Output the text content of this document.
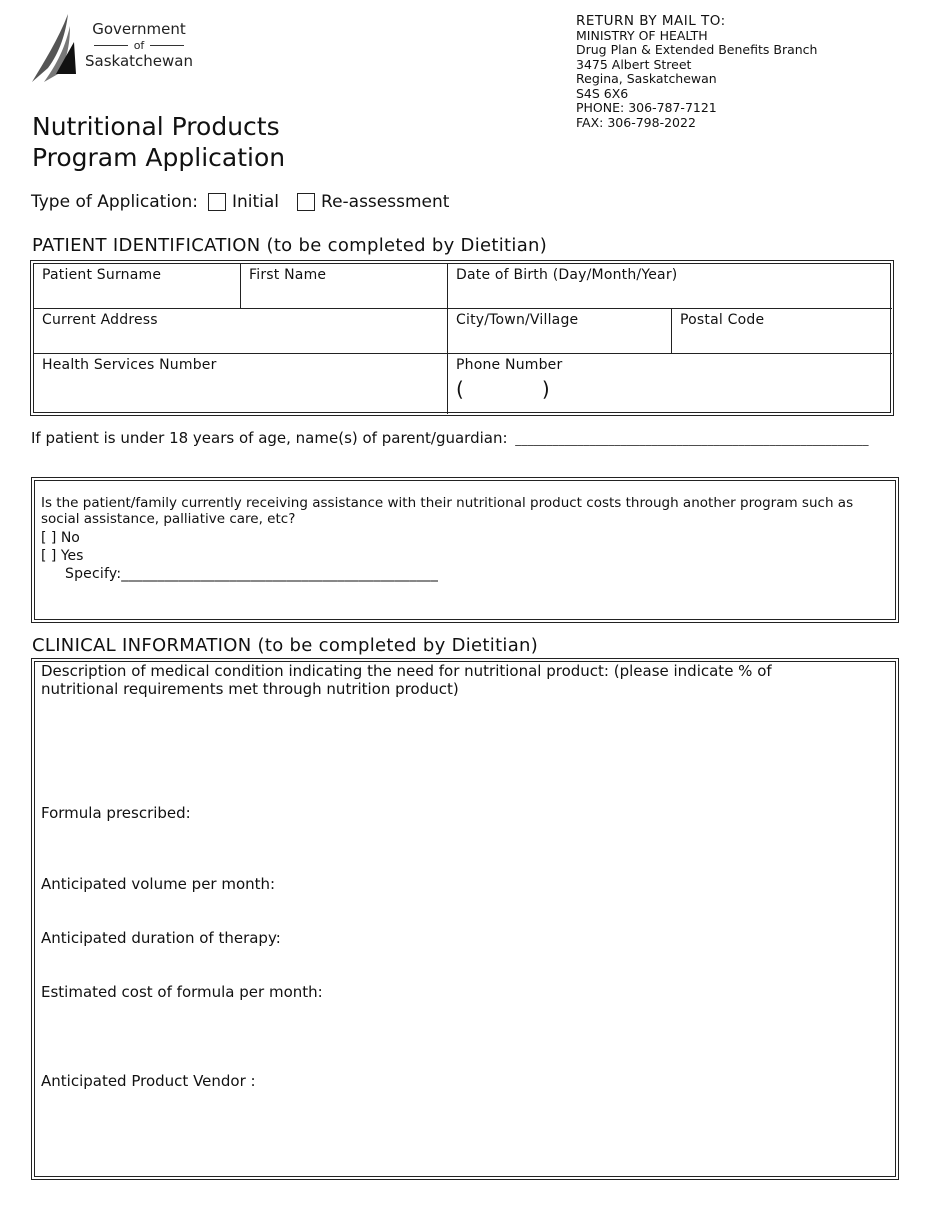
Government
of
Saskatchewan
RETURN BY MAIL TO:
MINISTRY OF HEALTH
Drug Plan & Extended Benefits Branch
3475 Albert Street
Regina, Saskatchewan
S4S 6X6
PHONE: 306-787-7121
FAX: 306-798-2022
Nutritional Products
Program Application
Type of Application: Initial Re-assessment
PATIENT IDENTIFICATION (to be completed by Dietitian)
Patient Surname	First Name	Date of Birth (Day/Month/Year)
Current Address	City/Town/Village	Postal Code
Health Services Number	Phone Number
(	)
If patient is under 18 years of age, name(s) of parent/guardian: _________________________________________________________
Is the patient/family currently receiving assistance with their nutritional product costs through another program such as social assistance, palliative care, etc?
[ ] No
[ ] Yes
Specify:____________________________________________
CLINICAL INFORMATION (to be completed by Dietitian)
Description of medical condition indicating the need for nutritional product: (please indicate % of nutritional requirements met through nutrition product)
Formula prescribed:
Anticipated volume per month:
Anticipated duration of therapy:
Estimated cost of formula per month:
Anticipated Product Vendor :
